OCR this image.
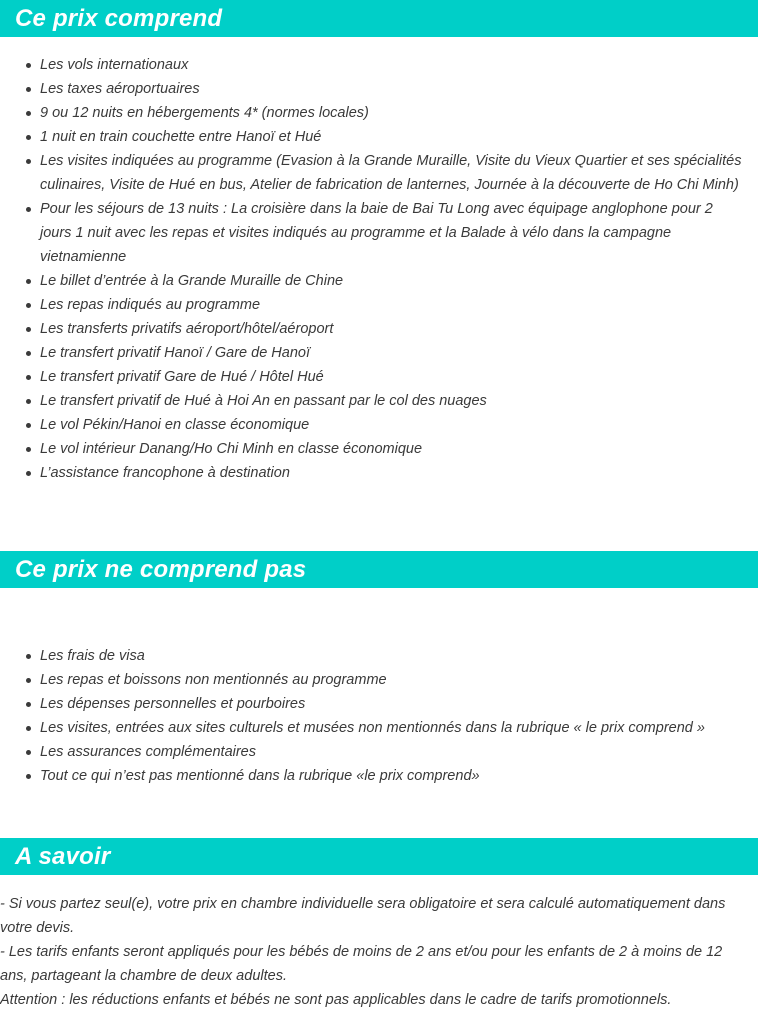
Ce prix comprend
Les vols internationaux
Les taxes aéroportuaires
9 ou 12 nuits en hébergements 4* (normes locales)
1 nuit en train couchette entre Hanoï et Hué
Les visites indiquées au programme (Evasion à la Grande Muraille, Visite du Vieux Quartier et ses spécialités culinaires, Visite de Hué en bus, Atelier de fabrication de lanternes, Journée à la découverte de Ho Chi Minh)
Pour les séjours de 13 nuits : La croisière dans la baie de Bai Tu Long avec équipage anglophone pour 2 jours 1 nuit avec les repas et visites indiqués au programme et la Balade à vélo dans la campagne vietnamienne
Le billet d’entrée à la Grande Muraille de Chine
Les repas indiqués au programme
Les transferts privatifs aéroport/hôtel/aéroport
Le transfert privatif Hanoï / Gare de Hanoï
Le transfert privatif Gare de Hué / Hôtel Hué
Le transfert privatif de Hué à Hoi An en passant par le col des nuages
Le vol Pékin/Hanoi en classe économique
Le vol intérieur Danang/Ho Chi Minh en classe économique
L’assistance francophone à destination
Ce prix ne comprend pas
Les frais de visa
Les repas et boissons non mentionnés au programme
Les dépenses personnelles et pourboires
Les visites, entrées aux sites culturels et musées non mentionnés dans la rubrique « le prix comprend »
Les assurances complémentaires
Tout ce qui n’est pas mentionné dans la rubrique «le prix comprend»
A savoir

- Si vous partez seul(e), votre prix en chambre individuelle sera obligatoire et sera calculé automatiquement dans votre devis.

- Les tarifs enfants seront appliqués pour les bébés de moins de 2 ans et/ou pour les enfants de 2 à moins de 12 ans, partageant la chambre de deux adultes.

Attention : les réductions enfants et bébés ne sont pas applicables dans le cadre de tarifs promotionnels.
